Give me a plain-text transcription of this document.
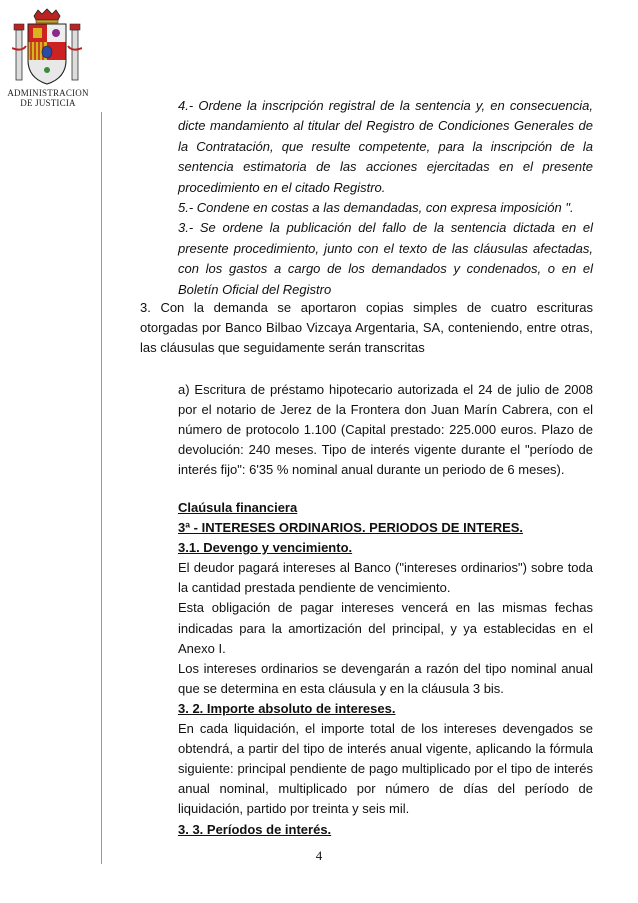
ADMINISTRACION
DE JUSTICIA	4.- Ordene la inscripción registral de la sentencia y, en consecuencia, dicte mandamiento al titular del Registro de Condiciones Generales de la Contratación, que resulte competente, para la inscripción de la sentencia estimatoria de las acciones ejercitadas en el presente procedimiento en el citado Registro.

5.- Condene en costas a las demandadas, con expresa imposición ".

3.- Se ordene la publicación del fallo de la sentencia dictada en el presente procedimiento, junto con el texto de las cláusulas afectadas, con los gastos a cargo de los demandados y condenados, o en el Boletín Oficial del Registro

3. Con la demanda se aportaron copias simples de cuatro escrituras otorgadas por Banco Bilbao Vizcaya Argentaria, SA, conteniendo, entre otras, las cláusulas que seguidamente serán transcritas

a) Escritura de préstamo hipotecario autorizada el 24 de julio de 2008 por el notario de Jerez de la Frontera don Juan Marín Cabrera, con el número de protocolo 1.100 (Capital prestado: 225.000 euros. Plazo de devolución: 240 meses. Tipo de interés vigente durante el "período de interés fijo": 6'35 % nominal anual durante un periodo de 6 meses).

Claúsula financiera

3ª - INTERESES ORDINARIOS. PERIODOS DE INTERES.

3.1. Devengo y vencimiento.

El deudor pagará intereses al Banco ("intereses ordinarios") sobre toda la cantidad prestada pendiente de vencimiento.

Esta obligación de pagar intereses vencerá en las mismas fechas indicadas para la amortización del principal, y ya establecidas en el Anexo I.

Los intereses ordinarios se devengarán a razón del tipo nominal anual que se determina en esta cláusula y en la cláusula 3 bis.

3. 2. Importe absoluto de intereses.

En cada liquidación, el importe total de los intereses devengados se obtendrá, a partir del tipo de interés anual vigente, aplicando la fórmula siguiente: principal pendiente de pago multiplicado por el tipo de interés anual nominal, multiplicado por número de días del período de liquidación, partido por treinta y seis mil.

3. 3. Períodos de interés.

4
